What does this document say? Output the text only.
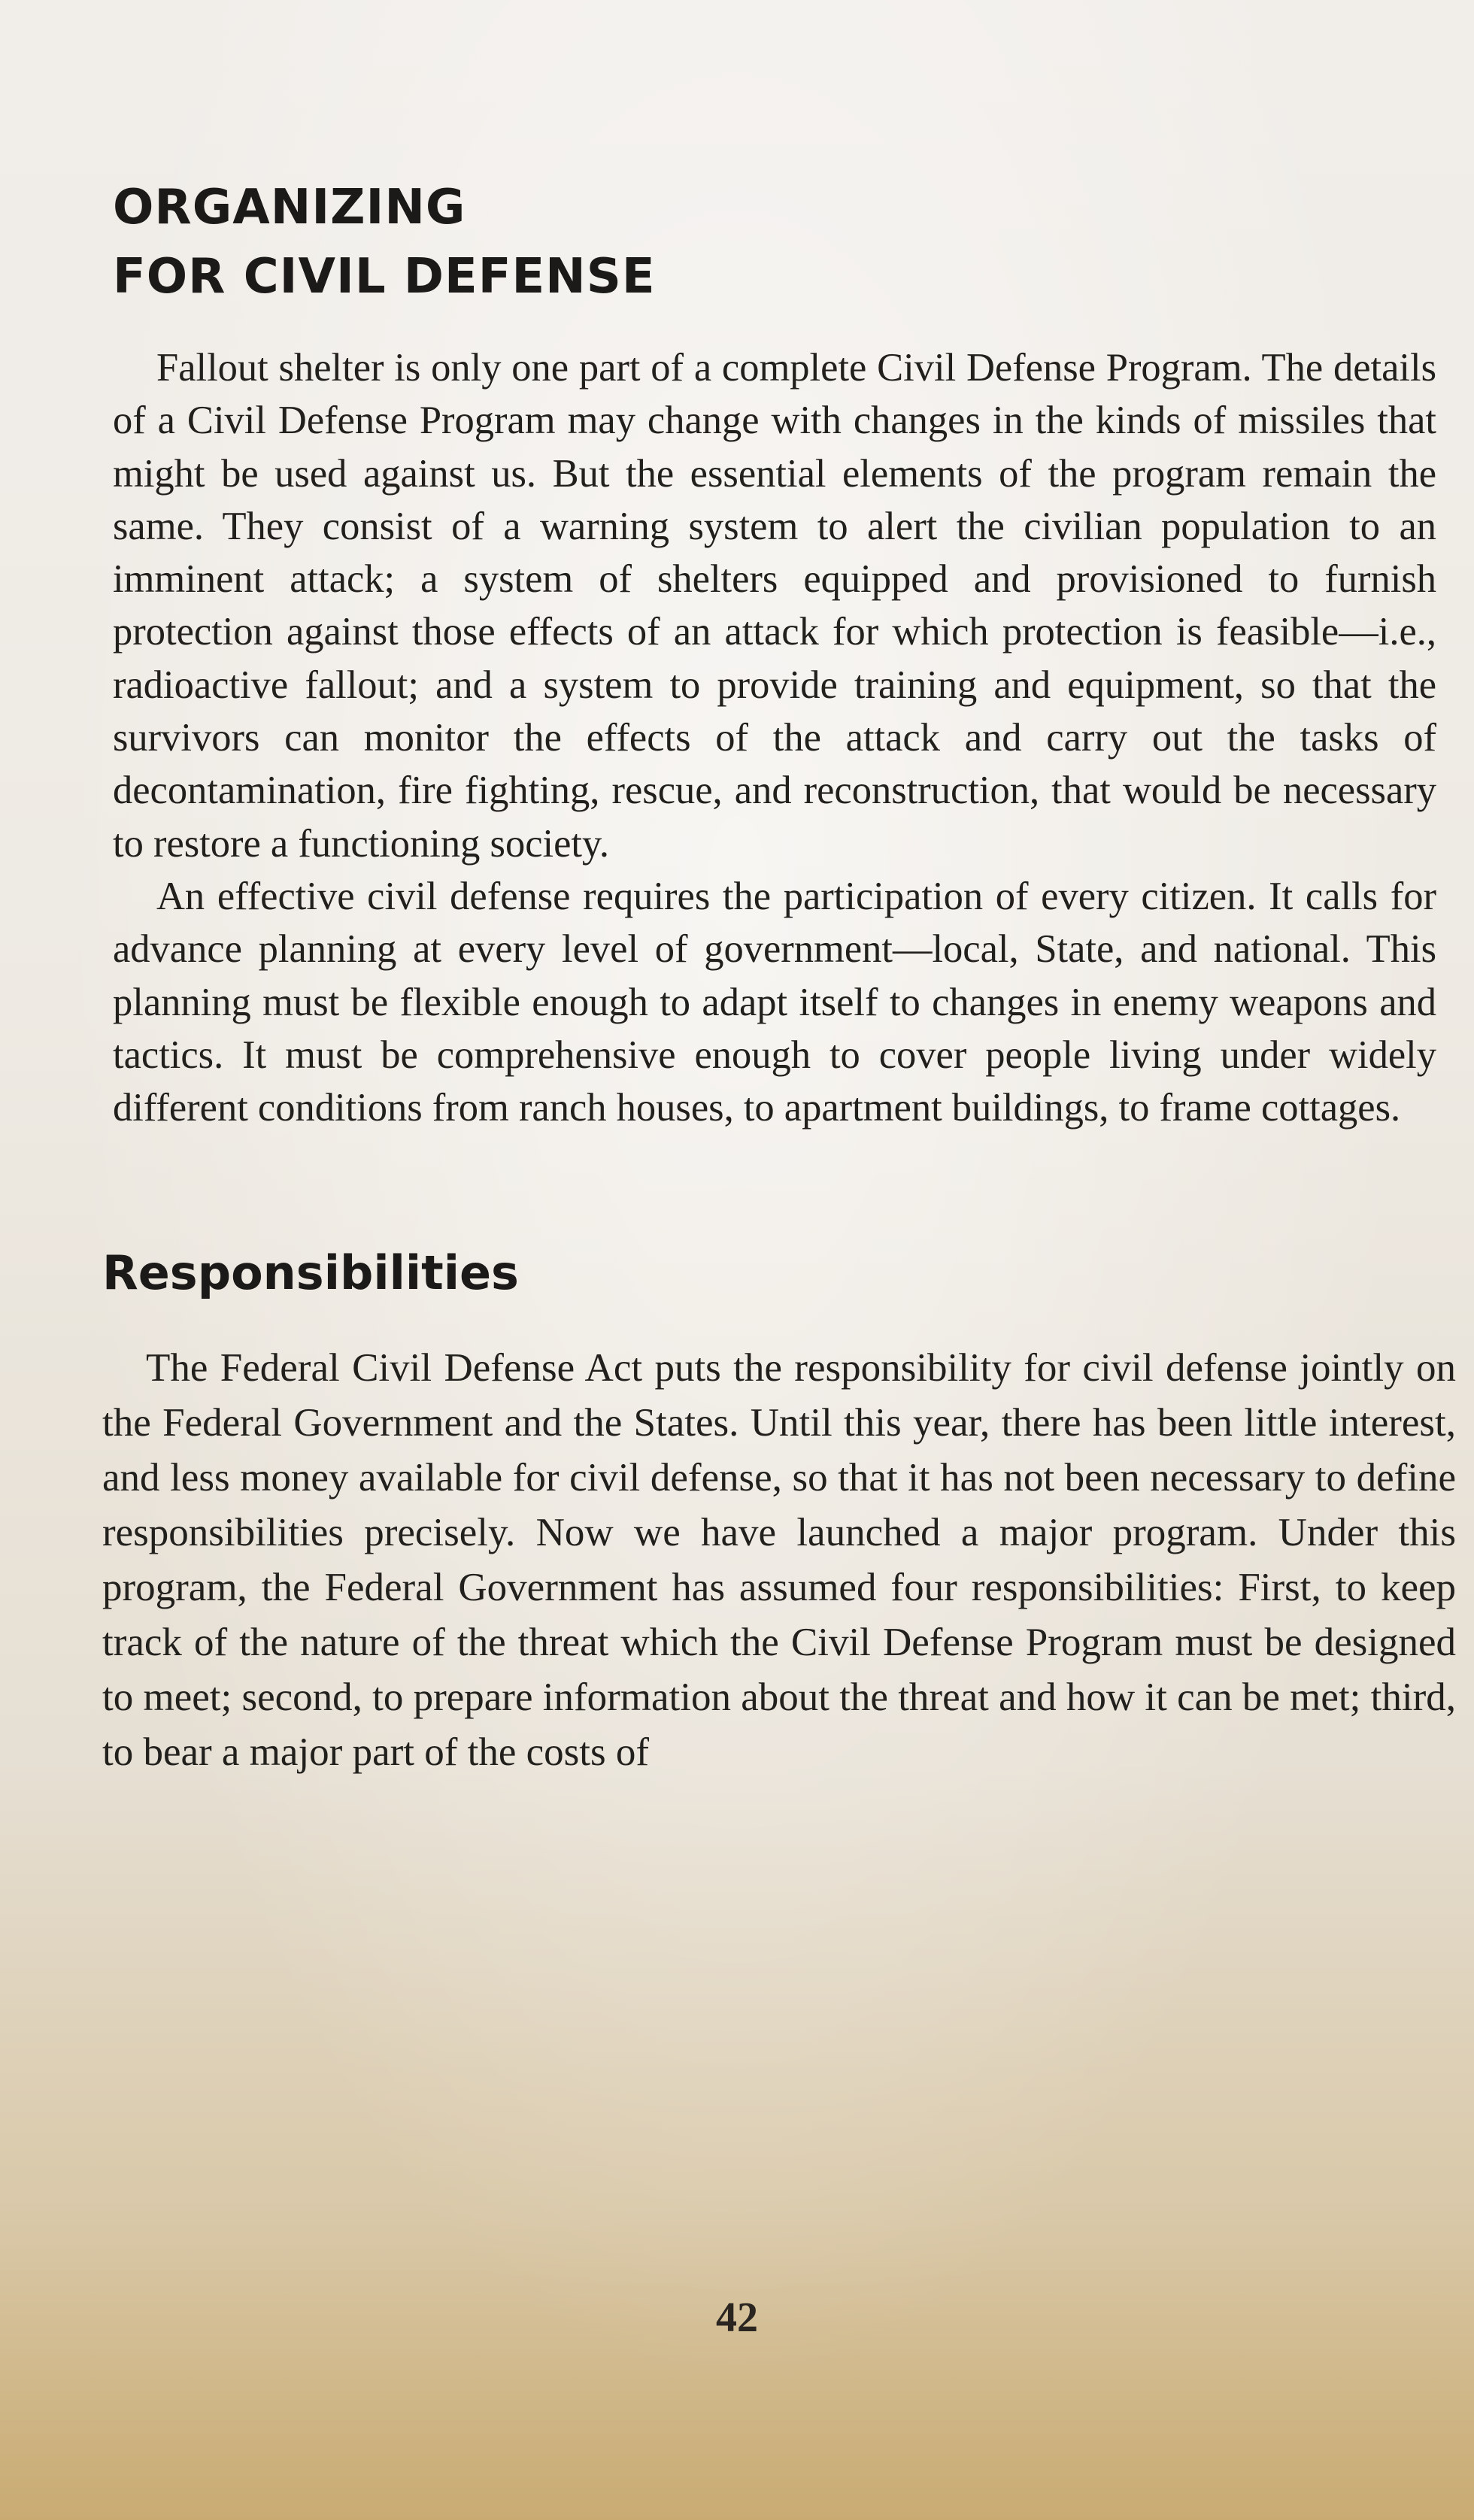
ORGANIZING
FOR CIVIL DEFENSE

Fallout shelter is only one part of a complete Civil Defense Program. The details of a Civil Defense Program may change with changes in the kinds of missiles that might be used against us. But the essential elements of the program remain the same. They consist of a warning system to alert the civilian population to an imminent attack; a system of shelters equipped and provisioned to furnish protection against those effects of an attack for which protection is feasible—i.e., radioactive fallout; and a system to provide training and equipment, so that the survivors can monitor the effects of the attack and carry out the tasks of decontamination, fire fighting, rescue, and reconstruction, that would be necessary to restore a functioning society.

An effective civil defense requires the participation of every citizen. It calls for advance planning at every level of government—local, State, and national. This planning must be flexible enough to adapt itself to changes in enemy weapons and tactics. It must be comprehensive enough to cover people living under widely different conditions from ranch houses, to apartment buildings, to frame cottages.

Responsibilities

The Federal Civil Defense Act puts the responsibility for civil defense jointly on the Federal Government and the States. Until this year, there has been little interest, and less money available for civil defense, so that it has not been necessary to define responsibilities precisely. Now we have launched a major program. Under this program, the Federal Government has assumed four responsibilities: First, to keep track of the nature of the threat which the Civil Defense Program must be designed to meet; second, to prepare information about the threat and how it can be met; third, to bear a major part of the costs of

42
